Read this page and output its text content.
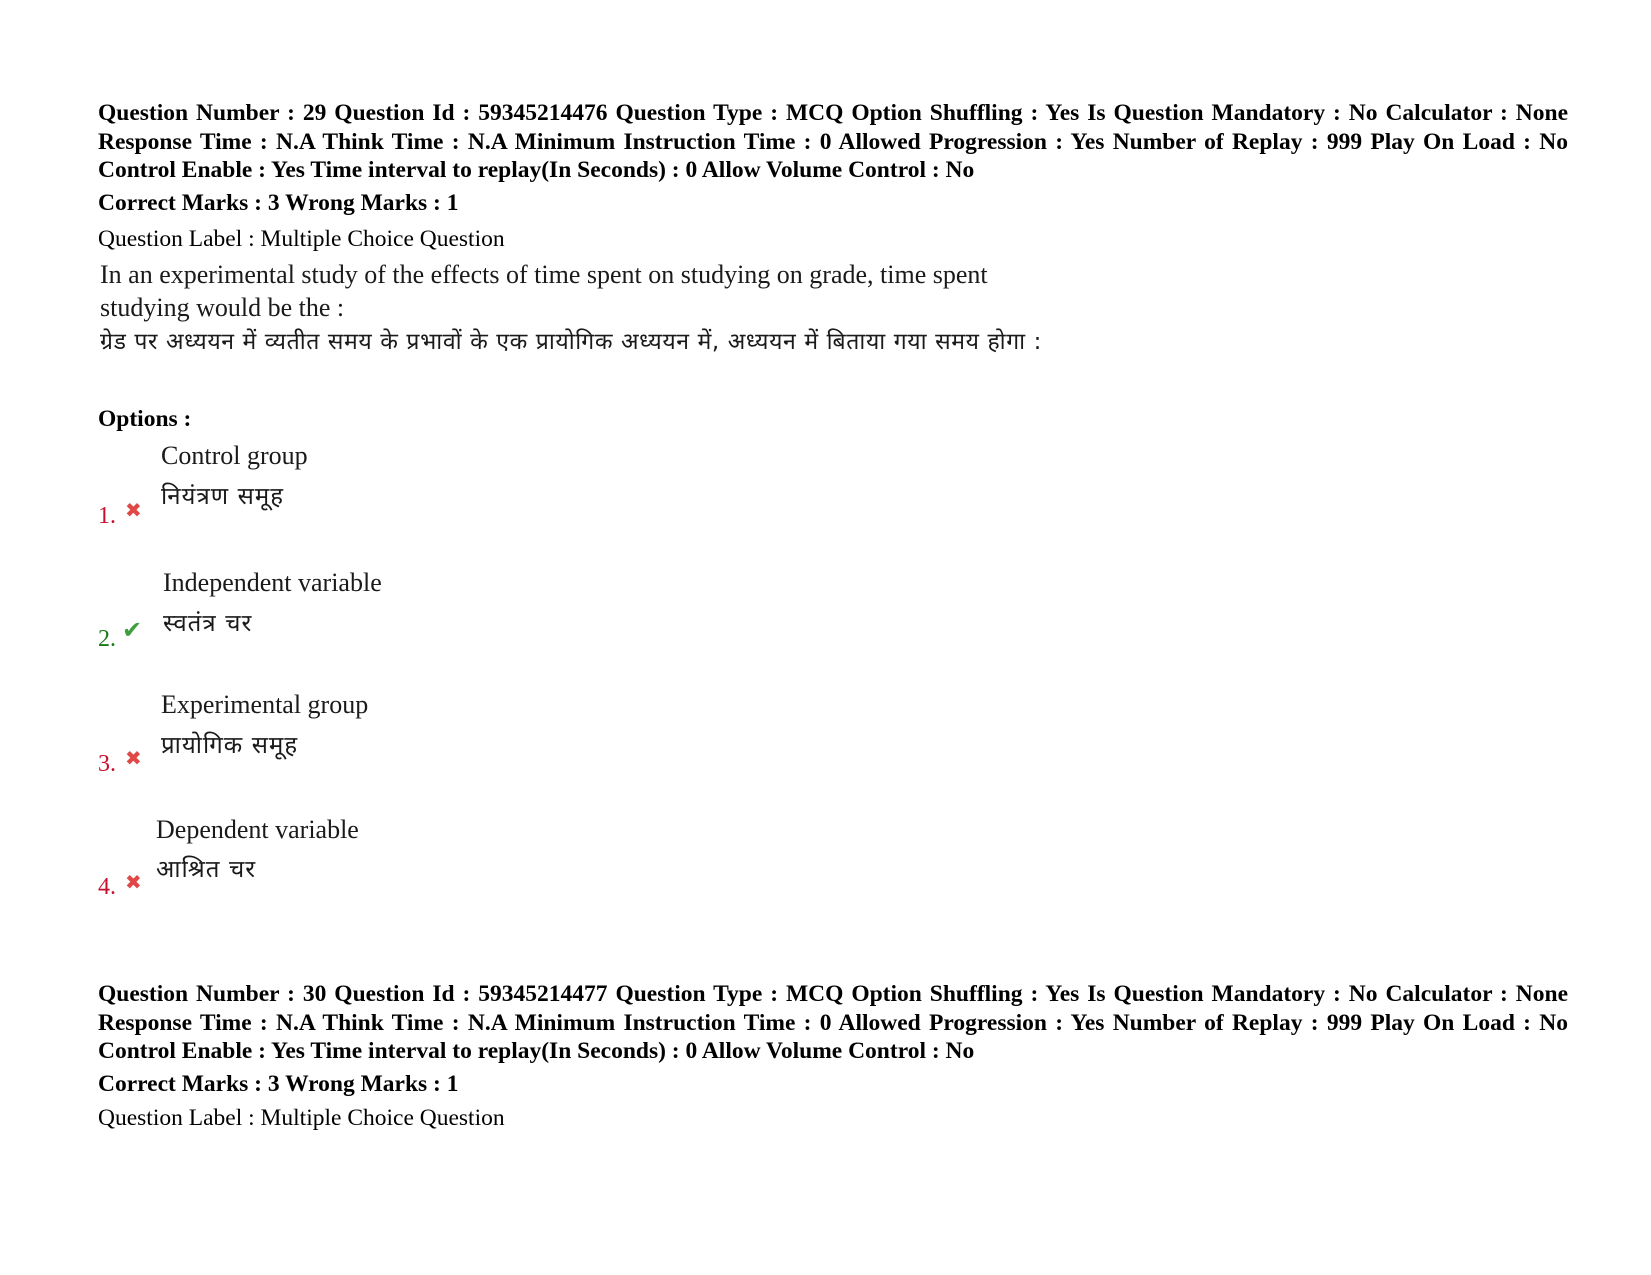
Question Number : 29 Question Id : 59345214476 Question Type : MCQ Option Shuffling : Yes Is Question Mandatory : No Calculator : None Response Time : N.A Think Time : N.A Minimum Instruction Time : 0 Allowed Progression : Yes Number of Replay : 999 Play On Load : No Control Enable : Yes Time interval to replay(In Seconds) : 0 Allow Volume Control : No
Correct Marks : 3 Wrong Marks : 1
Question Label : Multiple Choice Question
In an experimental study of the effects of time spent on studying on grade, time spent
studying would be the :
ग्रेड पर अध्ययन में व्यतीत समय के प्रभावों के एक प्रायोगिक अध्ययन में, अध्ययन में बिताया गया समय होगा :
Options :
Control group
नियंत्रण समूह
1. ✖
Independent variable
स्वतंत्र चर
2. ✔
Experimental group
प्रायोगिक समूह
3. ✖
Dependent variable
आश्रित चर
4. ✖
Question Number : 30 Question Id : 59345214477 Question Type : MCQ Option Shuffling : Yes Is Question Mandatory : No Calculator : None Response Time : N.A Think Time : N.A Minimum Instruction Time : 0 Allowed Progression : Yes Number of Replay : 999 Play On Load : No Control Enable : Yes Time interval to replay(In Seconds) : 0 Allow Volume Control : No
Correct Marks : 3 Wrong Marks : 1
Question Label : Multiple Choice Question
